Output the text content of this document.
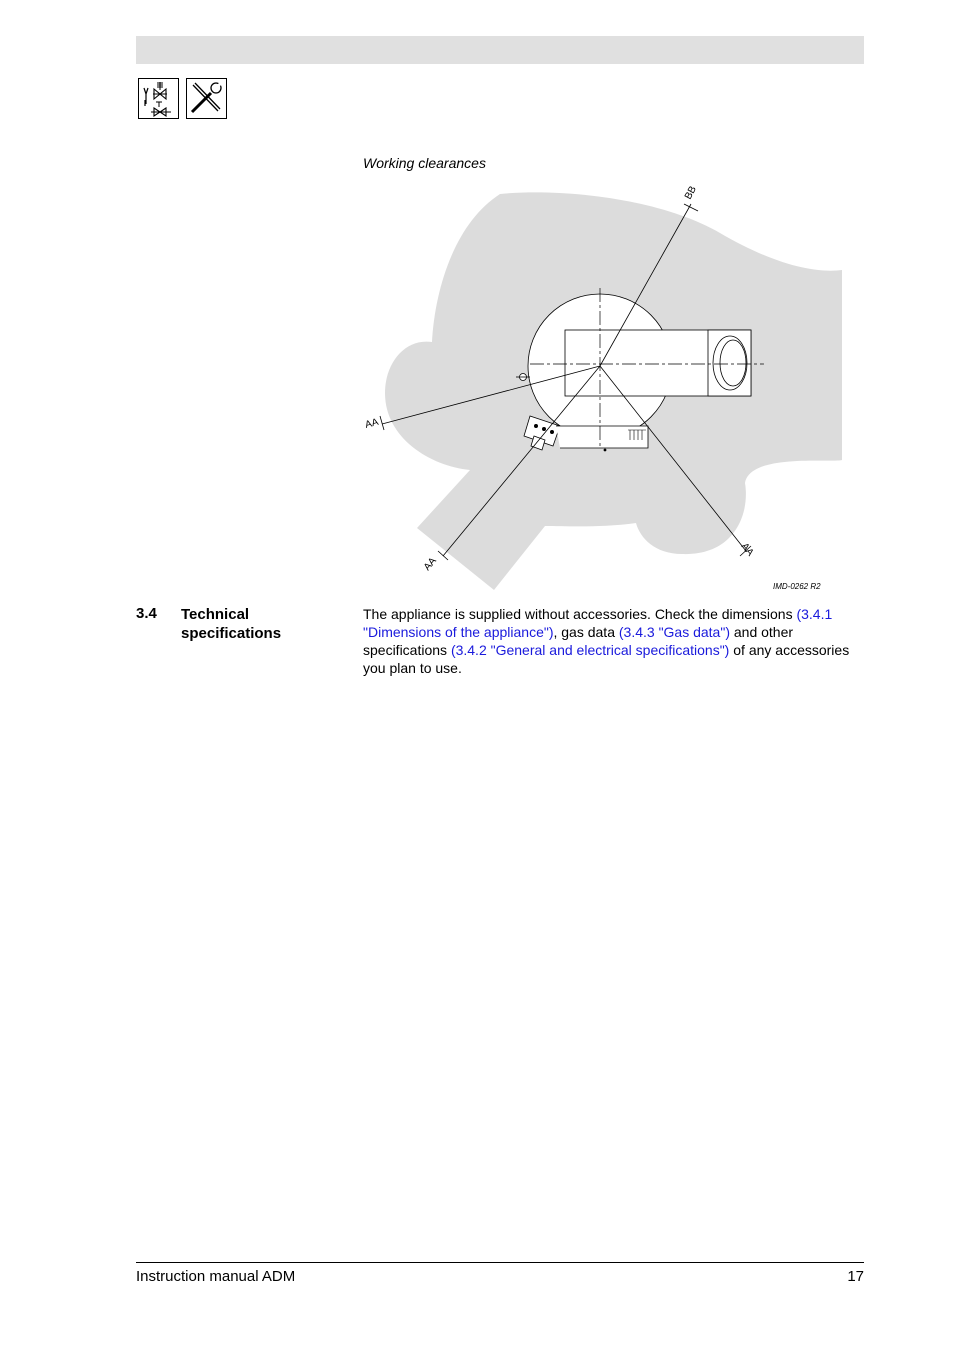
Working clearances
BB
AA
AA
AA
IMD-0262 R2
3.4 Technical specifications
The appliance is supplied without accessories. Check the dimensions (3.4.1 "Dimensions of the appliance"), gas data (3.4.3 "Gas data") and other specifications (3.4.2 "General and electrical specifications") of any accessories you plan to use.
Instruction manual ADM	17
